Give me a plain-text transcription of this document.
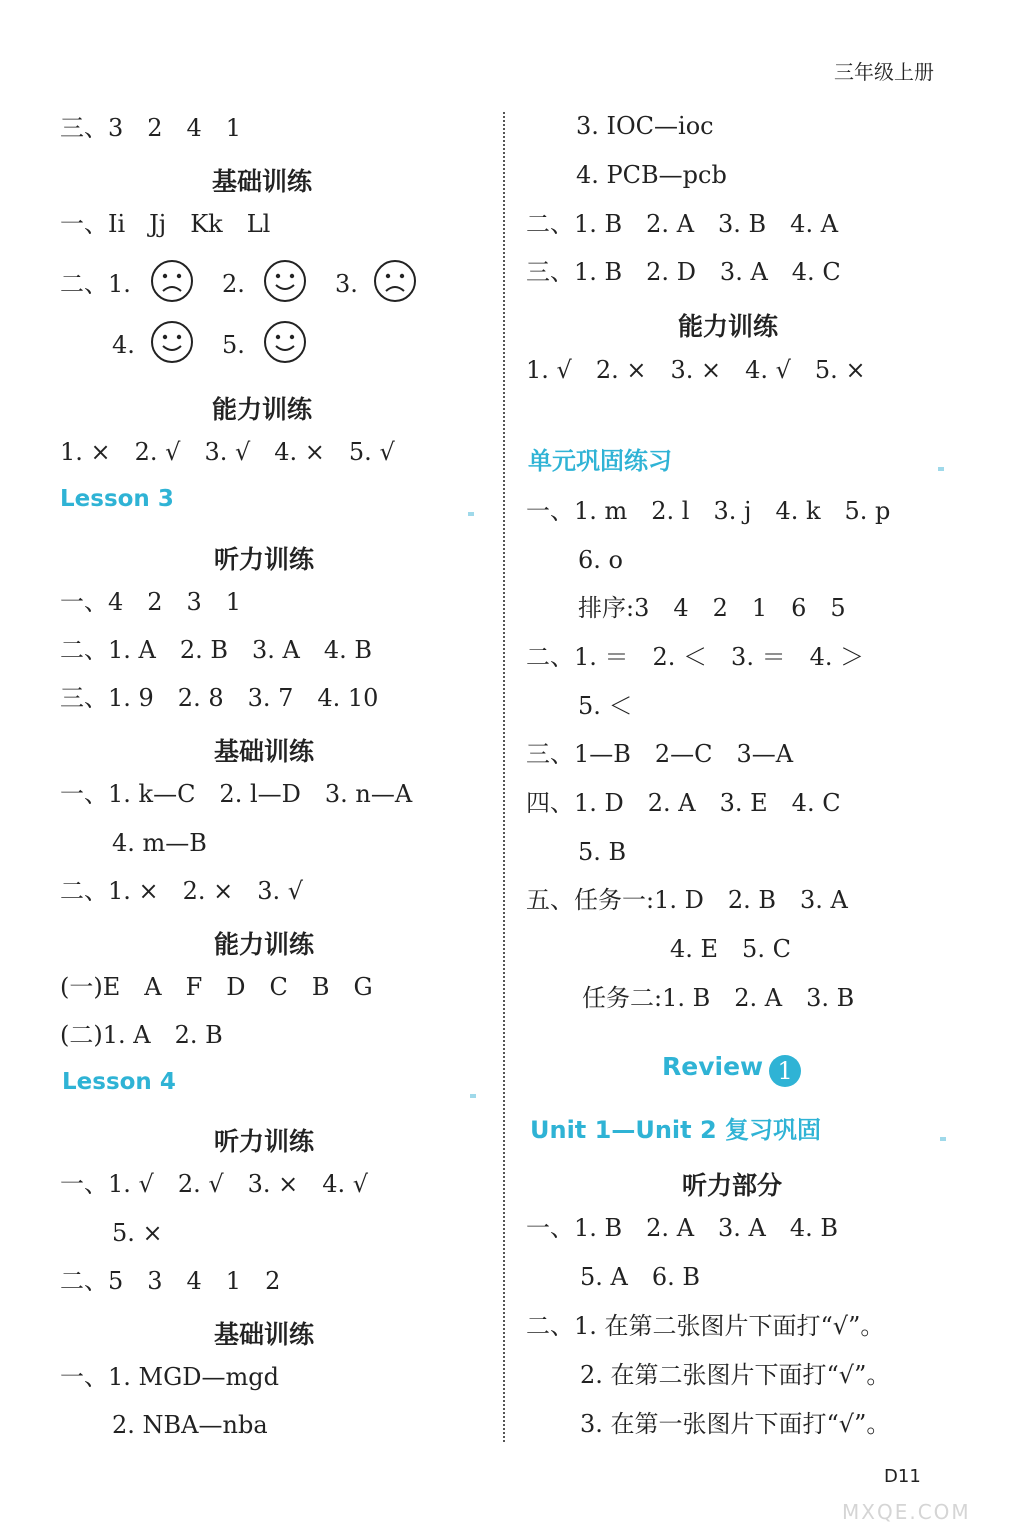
三年级上册
三、3　2　4　1
基础训练
一、Ii　Jj　Kk　Ll
二、1.	2.	3.
4.	5.
能力训练
1. ×　2. √　3. √　4. ×　5. √
Lesson 3
听力训练
一、4　2　3　1
二、1. A　2. B　3. A　4. B
三、1. 9　2. 8　3. 7　4. 10
基础训练
一、1. k—C　2. l—D　3. n—A
4. m—B
二、1. ×　2. ×　3. √
能力训练
(一)E　A　F　D　C　B　G
(二)1. A　2. B
Lesson 4
听力训练
一、1. √　2. √　3. ×　4. √
5. ×
二、5　3　4　1　2
基础训练
一、1. MGD—mgd
2. NBA—nba
3. IOC—ioc
4. PCB—pcb
二、1. B　2. A　3. B　4. A
三、1. B　2. D　3. A　4. C
能力训练
1. √　2. ×　3. ×　4. √　5. ×
单元巩固练习
一、1. m　2. l　3. j　4. k　5. p
6. o
排序:3　4　2　1　6　5
二、1. ＝　2. ＜　3. ＝　4. ＞
5. ＜
三、1—B　2—C　3—A
四、1. D　2. A　3. E　4. C
5. B
五、任务一:1. D　2. B　3. A
4. E　5. C
任务二:1. B　2. A　3. B
Review 1
Unit 1—Unit 2 复习巩固
听力部分
一、1. B　2. A　3. A　4. B
5. A　6. B
二、1. 在第二张图片下面打“√”。
2. 在第二张图片下面打“√”。
3. 在第一张图片下面打“√”。
D11
MXQE.COM
